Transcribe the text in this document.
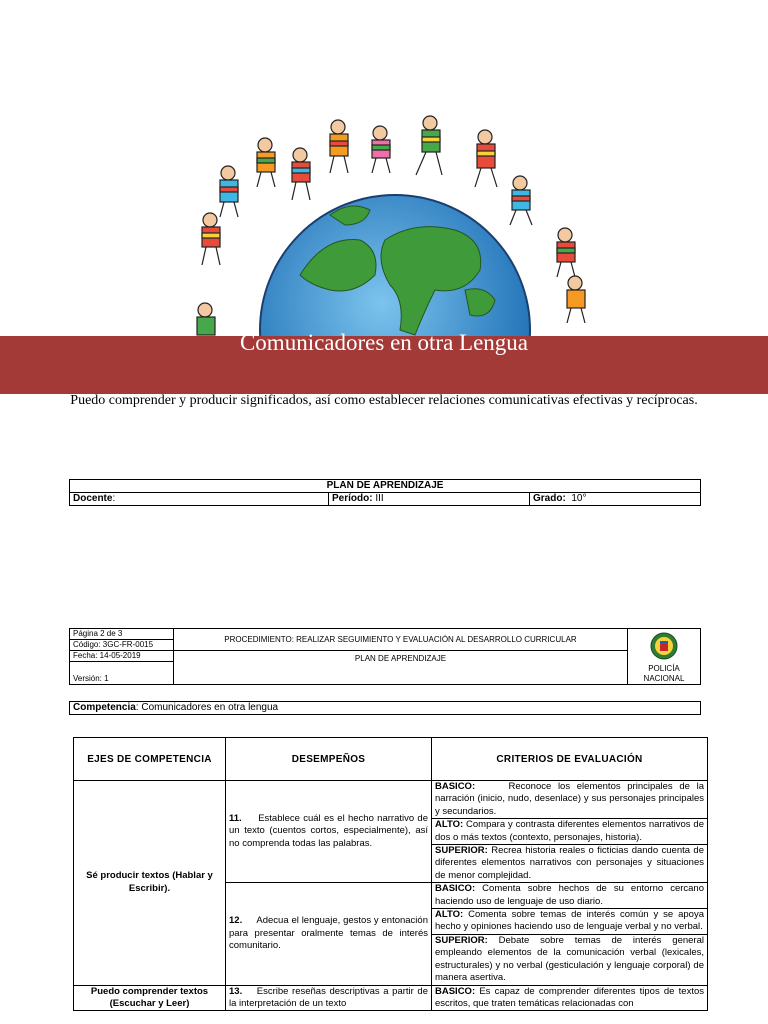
Comunicadores en otra Lengua
Puedo comprender y producir significados, así como establecer relaciones comunicativas efectivas y recíprocas.
PLAN DE APRENDIZAJE
Docente:	Período: III	Grado: 10°
Página 2 de 3	PROCEDIMIENTO: REALIZAR SEGUIMIENTO Y EVALUACIÓN AL DESARROLLO CURRICULAR	POLICÍA
NACIONAL
Código: 3GC-FR-0015		
Fecha: 14-05-2019	PLAN DE APRENDIZAJE	
Versión: 1		
Competencia: Comunicadores en otra lengua
EJES DE COMPETENCIA	DESEMPEÑOS	CRITERIOS DE EVALUACIÓN
Sé producir textos (Hablar y Escribir).	11. Establece cuál es el hecho narrativo de un texto (cuentos cortos, especialmente), así no comprenda todas las palabras.	BASICO: Reconoce los elementos principales de la narración (inicio, nudo, desenlace) y sus personajes principales y secundarios.
		ALTO: Compara y contrasta diferentes elementos narrativos de dos o más textos (contexto, personajes, historia).
		SUPERIOR: Recrea historia reales o ficticias dando cuenta de diferentes elementos narrativos con personajes y situaciones de menor complejidad.
	12. Adecua el lenguaje, gestos y entonación para presentar oralmente temas de interés comunitario.	BASICO: Comenta sobre hechos de su entorno cercano haciendo uso de lenguaje de uso diario.
		ALTO: Comenta sobre temas de interés común y se apoya hecho y opiniones haciendo uso de lenguaje verbal y no verbal.
		SUPERIOR: Debate sobre temas de interés general empleando elementos de la comunicación verbal (lexicales, estructurales) y no verbal (gesticulación y lenguaje corporal) de manera asertiva.
Puedo comprender textos (Escuchar y Leer)	13. Escribe reseñas descriptivas a partir de la interpretación de un texto	BASICO: Es capaz de comprender diferentes tipos de textos escritos, que traten temáticas relacionadas con
